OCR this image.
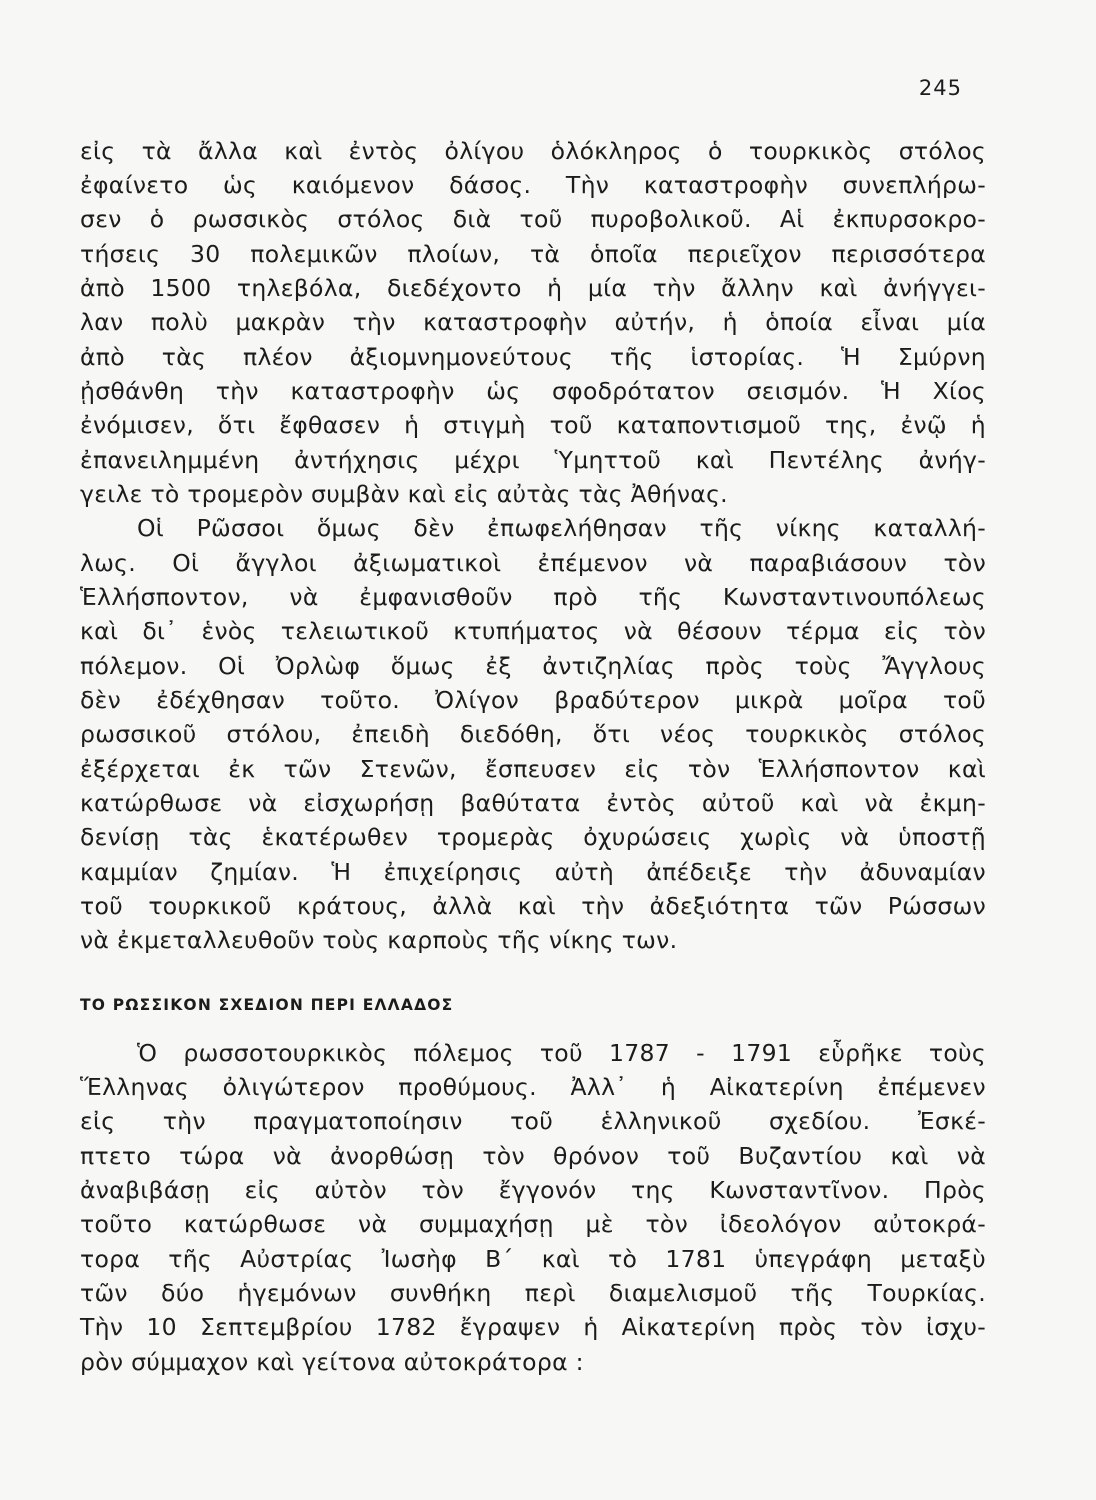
245
εἰς τὰ ἄλλα καὶ ἐντὸς ὀλίγου ὁλόκληρος ὁ τουρκικὸς στόλος
ἐφαίνετο ὡς καιόμενον δάσος. Τὴν καταστροφὴν συνεπλήρω-
σεν ὁ ρωσσικὸς στόλος διὰ τοῦ πυροβολικοῦ. Αἱ ἐκπυρσοκρο-
τήσεις 30 πολεμικῶν πλοίων, τὰ ὁποῖα περιεῖχον περισσότερα
ἀπὸ 1500 τηλεβόλα, διεδέχοντο ἡ μία τὴν ἄλλην καὶ ἀνήγγει-
λαν πολὺ μακρὰν τὴν καταστροφὴν αὐτήν, ἡ ὁποία εἶναι μία
ἀπὸ τὰς πλέον ἀξιομνημονεύτους τῆς ἱστορίας. Ἡ Σμύρνη
ᾐσθάνθη τὴν καταστροφὴν ὡς σφοδρότατον σεισμόν. Ἡ Χίος
ἐνόμισεν, ὅτι ἔφθασεν ἡ στιγμὴ τοῦ καταποντισμοῦ της, ἐνῷ ἡ
ἐπανειλημμένη ἀντήχησις μέχρι Ὑμηττοῦ καὶ Πεντέλης ἀνήγ-
γειλε τὸ τρομερὸν συμβὰν καὶ εἰς αὐτὰς τὰς Ἀθήνας.
Οἱ Ρῶσσοι ὅμως δὲν ἐπωφελήθησαν τῆς νίκης καταλλή-
λως. Οἱ ἄγγλοι ἀξιωματικοὶ ἐπέμενον νὰ παραβιάσουν τὸν
Ἑλλήσποντον, νὰ ἐμφανισθοῦν πρὸ τῆς Κωνσταντινουπόλεως
καὶ δι᾽ ἑνὸς τελειωτικοῦ κτυπήματος νὰ θέσουν τέρμα εἰς τὸν
πόλεμον. Οἱ Ὀρλὼφ ὅμως ἐξ ἀντιζηλίας πρὸς τοὺς Ἄγγλους
δὲν ἐδέχθησαν τοῦτο. Ὀλίγον βραδύτερον μικρὰ μοῖρα τοῦ
ρωσσικοῦ στόλου, ἐπειδὴ διεδόθη, ὅτι νέος τουρκικὸς στόλος
ἐξέρχεται ἐκ τῶν Στενῶν, ἔσπευσεν εἰς τὸν Ἑλλήσποντον καὶ
κατώρθωσε νὰ εἰσχωρήσῃ βαθύτατα ἐντὸς αὐτοῦ καὶ νὰ ἐκμη-
δενίσῃ τὰς ἑκατέρωθεν τρομερὰς ὀχυρώσεις χωρὶς νὰ ὑποστῇ
καμμίαν ζημίαν. Ἡ ἐπιχείρησις αὐτὴ ἀπέδειξε τὴν ἀδυναμίαν
τοῦ τουρκικοῦ κράτους, ἀλλὰ καὶ τὴν ἀδεξιότητα τῶν Ρώσσων
νὰ ἐκμεταλλευθοῦν τοὺς καρποὺς τῆς νίκης των.
ΤΟ ΡΩΣΣΙΚΟΝ ΣΧΕΔΙΟΝ ΠΕΡΙ ΕΛΛΑΔΟΣ
Ὁ ρωσσοτουρκικὸς πόλεμος τοῦ 1787 - 1791 εὗρῆκε τοὺς
Ἕλληνας ὀλιγώτερον προθύμους. Ἀλλ᾽ ἡ Αἰκατερίνη ἐπέμενεν
εἰς τὴν πραγματοποίησιν τοῦ ἑλληνικοῦ σχεδίου. Ἐσκέ-
πτετο τώρα νὰ ἀνορθώσῃ τὸν θρόνον τοῦ Βυζαντίου καὶ νὰ
ἀναβιβάσῃ εἰς αὐτὸν τὸν ἔγγονόν της Κωνσταντῖνον. Πρὸς
τοῦτο κατώρθωσε νὰ συμμαχήσῃ μὲ τὸν ἰδεολόγον αὐτοκρά-
τορα τῆς Αὐστρίας Ἰωσὴφ Β´ καὶ τὸ 1781 ὑπεγράφη μεταξὺ
τῶν δύο ἡγεμόνων συνθήκη περὶ διαμελισμοῦ τῆς Τουρκίας.
Τὴν 10 Σεπτεμβρίου 1782 ἔγραψεν ἡ Αἰκατερίνη πρὸς τὸν ἰσχυ-
ρὸν σύμμαχον καὶ γείτονα αὐτοκράτορα :
